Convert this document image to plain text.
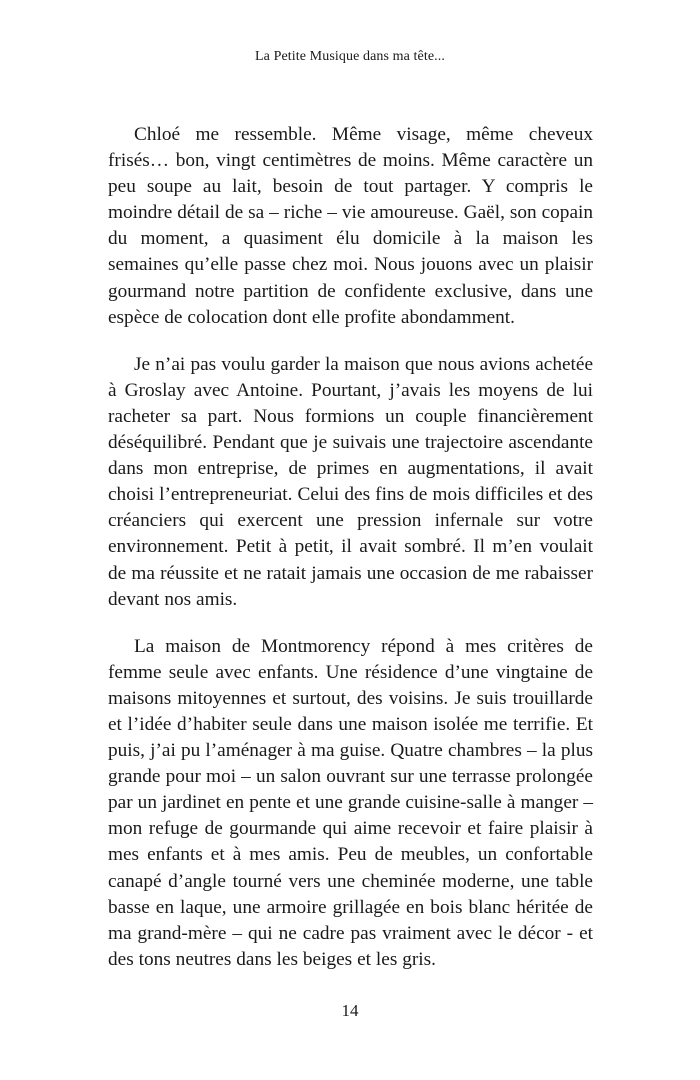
La Petite Musique dans ma tête...

Chloé me ressemble. Même visage, même cheveux frisés… bon, vingt centimètres de moins. Même caractère un peu soupe au lait, besoin de tout partager. Y compris le moindre détail de sa – riche – vie amoureuse. Gaël, son copain du moment, a quasiment élu domicile à la maison les semaines qu’elle passe chez moi. Nous jouons avec un plaisir gourmand notre partition de confidente exclusive, dans une espèce de colocation dont elle profite abondamment.

Je n’ai pas voulu garder la maison que nous avions achetée à Groslay avec Antoine. Pourtant, j’avais les moyens de lui racheter sa part. Nous formions un couple financièrement déséquilibré. Pendant que je suivais une trajectoire ascendante dans mon entreprise, de primes en augmentations, il avait choisi l’entrepreneuriat. Celui des fins de mois difficiles et des créanciers qui exercent une pression infernale sur votre environnement. Petit à petit, il avait sombré. Il m’en voulait de ma réussite et ne ratait jamais une occasion de me rabaisser devant nos amis.

La maison de Montmorency répond à mes critères de femme seule avec enfants. Une résidence d’une vingtaine de maisons mitoyennes et surtout, des voisins. Je suis trouillarde et l’idée d’habiter seule dans une maison isolée me terrifie. Et puis, j’ai pu l’aménager à ma guise. Quatre chambres – la plus grande pour moi – un salon ouvrant sur une terrasse prolongée par un jardinet en pente et une grande cuisine-salle à manger – mon refuge de gourmande qui aime recevoir et faire plaisir à mes enfants et à mes amis. Peu de meubles, un confortable canapé d’angle tourné vers une cheminée moderne, une table basse en laque, une armoire grillagée en bois blanc héritée de ma grand-mère – qui ne cadre pas vraiment avec le décor - et des tons neutres dans les beiges et les gris.

14
